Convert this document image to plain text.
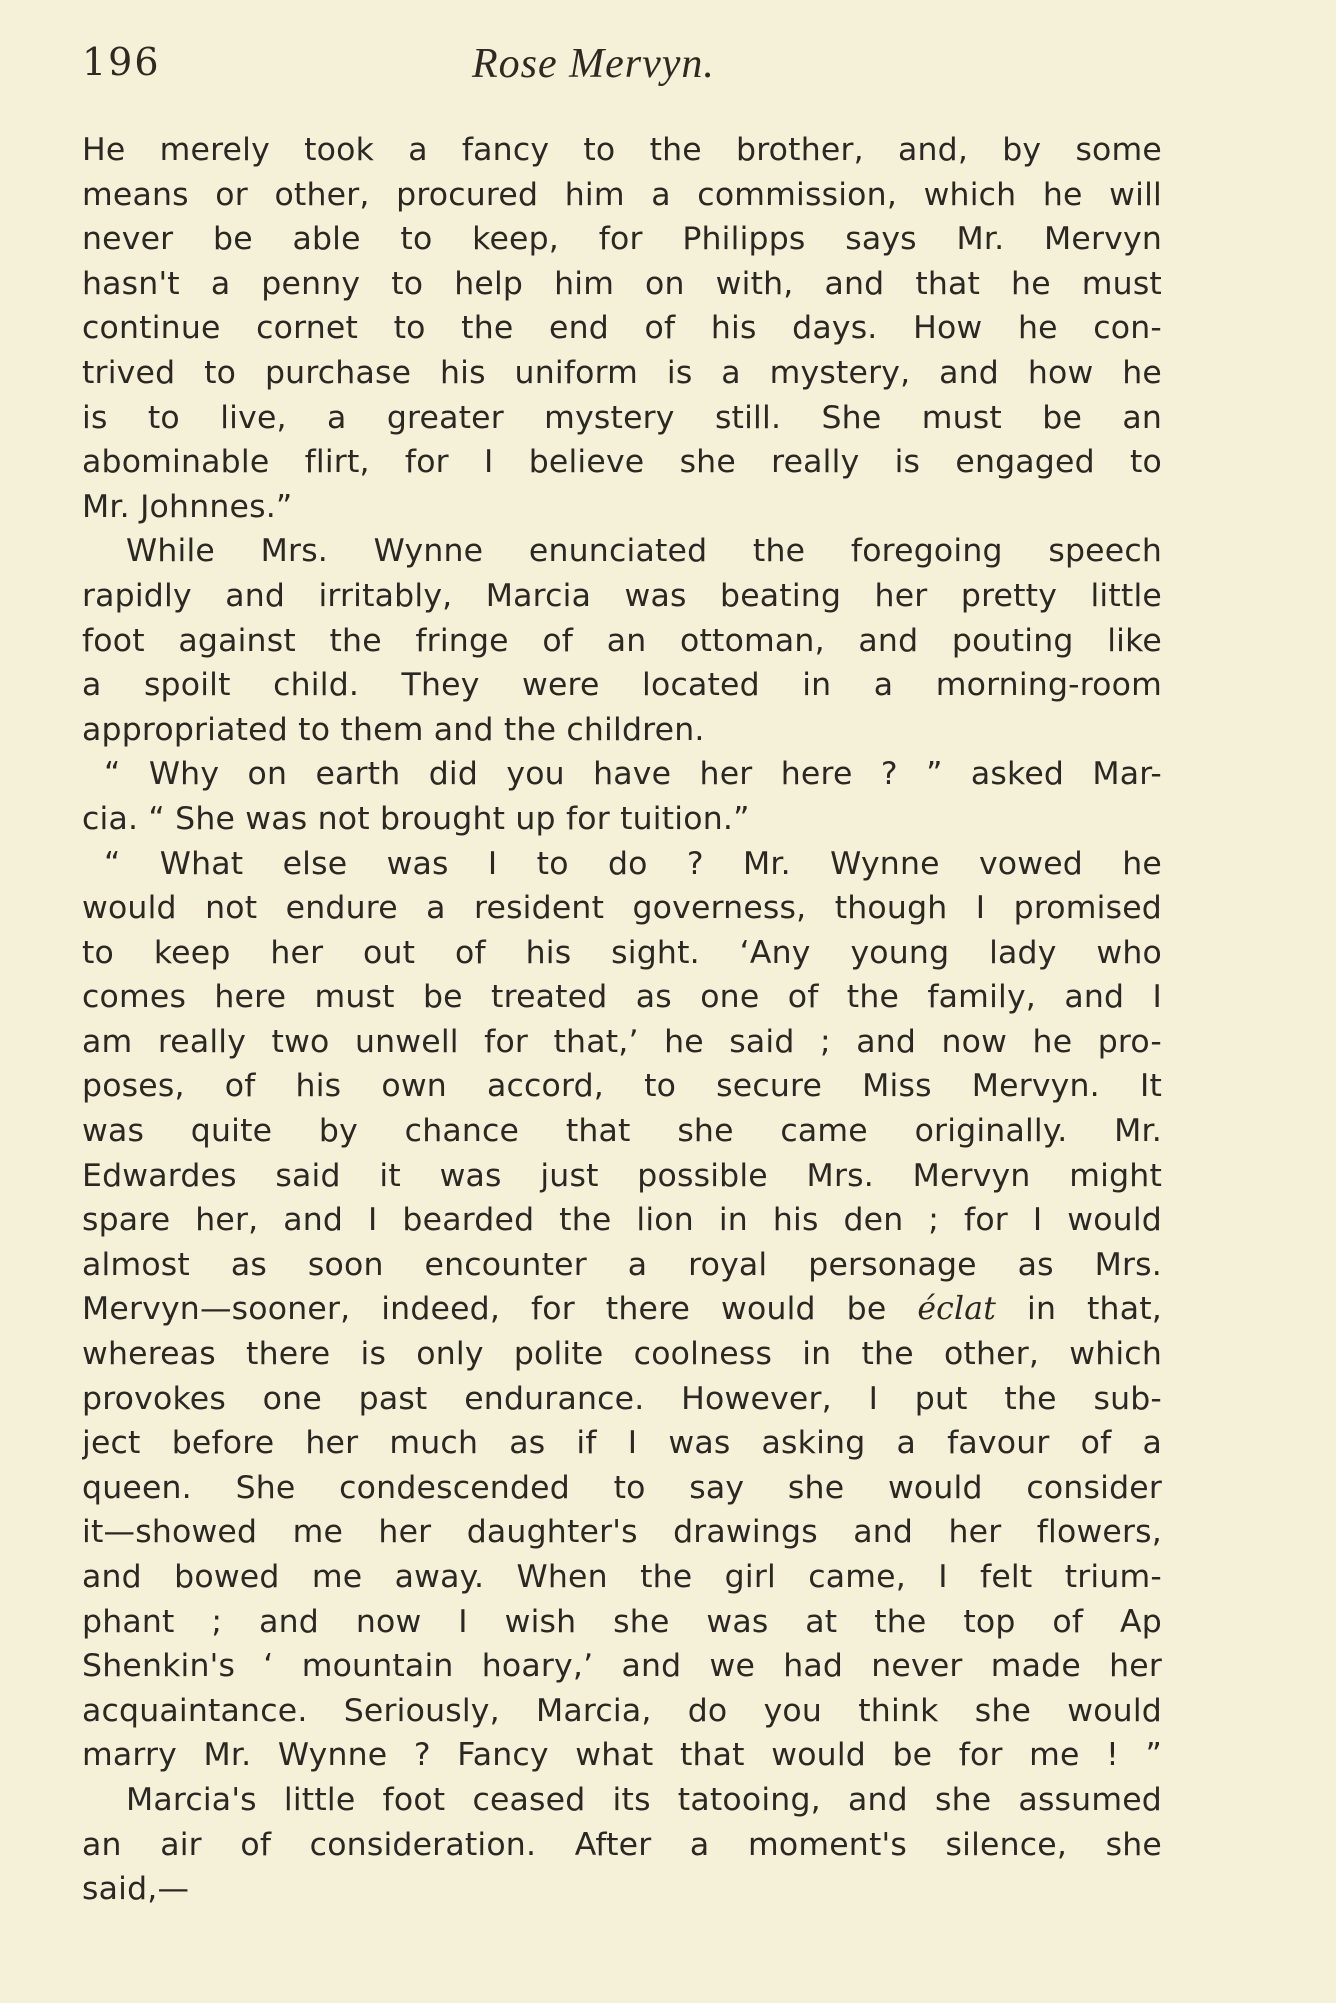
196	Rose Mervyn.
He merely took a fancy to the brother, and, by some
means or other, procured him a commission, which he will
never be able to keep, for Philipps says Mr. Mervyn
hasn't a penny to help him on with, and that he must
continue cornet to the end of his days. How he con-
trived to purchase his uniform is a mystery, and how he
is to live, a greater mystery still. She must be an
abominable flirt, for I believe she really is engaged to
Mr. Johnnes.”
While Mrs. Wynne enunciated the foregoing speech
rapidly and irritably, Marcia was beating her pretty little
foot against the fringe of an ottoman, and pouting like
a spoilt child. They were located in a morning-room
appropriated to them and the children.
“ Why on earth did you have her here ? ” asked Mar-
cia. “ She was not brought up for tuition.”
“ What else was I to do ? Mr. Wynne vowed he
would not endure a resident governess, though I promised
to keep her out of his sight. ‘Any young lady who
comes here must be treated as one of the family, and I
am really two unwell for that,’ he said ; and now he pro-
poses, of his own accord, to secure Miss Mervyn. It
was quite by chance that she came originally. Mr.
Edwardes said it was just possible Mrs. Mervyn might
spare her, and I bearded the lion in his den ; for I would
almost as soon encounter a royal personage as Mrs.
Mervyn—sooner, indeed, for there would be éclat in that,
whereas there is only polite coolness in the other, which
provokes one past endurance. However, I put the sub-
ject before her much as if I was asking a favour of a
queen. She condescended to say she would consider
it—showed me her daughter's drawings and her flowers,
and bowed me away. When the girl came, I felt trium-
phant ; and now I wish she was at the top of Ap
Shenkin's ‘ mountain hoary,’ and we had never made her
acquaintance. Seriously, Marcia, do you think she would
marry Mr. Wynne ? Fancy what that would be for me ! ”
Marcia's little foot ceased its tatooing, and she assumed
an air of consideration. After a moment's silence, she
said,—
